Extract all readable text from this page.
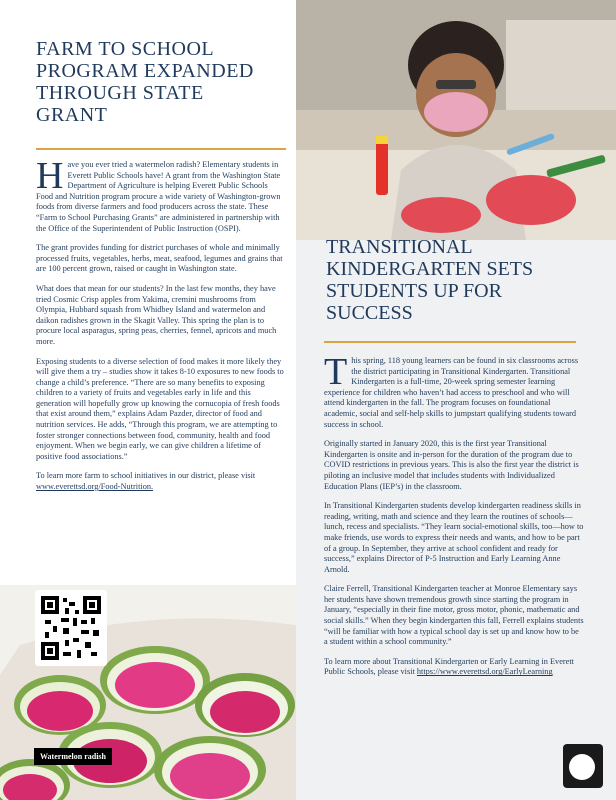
FARM TO SCHOOL
PROGRAM EXPANDED
THROUGH STATE
GRANT

H ave you ever tried a watermelon radish? Elementary students in Everett Public Schools have! A grant from the Washington State Department of Agriculture is helping Everett Public Schools Food and Nutrition program procure a wide variety of Washington-grown foods from diverse farmers and food producers across the state. These “Farm to School Purchasing Grants” are administered in partnership with the Office of the Superintendent of Public Instruction (OSPI).

The grant provides funding for district purchases of whole and minimally processed fruits, vegetables, herbs, meat, seafood, legumes and grains that are 100 percent grown, raised or caught in Washington state.

What does that mean for our students? In the last few months, they have tried Cosmic Crisp apples from Yakima, cremini mushrooms from Olympia, Hubbard squash from Whidbey Island and watermelon and daikon radishes grown in the Skagit Valley. This spring the plan is to procure local asparagus, spring peas, cherries, fennel, apricots and much more.

Exposing students to a diverse selection of food makes it more likely they will give them a try – studies show it takes 8-10 exposures to new foods to change a child’s preference. “There are so many benefits to exposing children to a variety of fruits and vegetables early in life and this generation will hopefully grow up knowing the cornucopia of fresh foods that exist around them,” explains Adam Pazder, director of food and nutrition services. He adds, “Through this program, we are attempting to foster stronger connections between food, community, health and food enjoyment. When we begin early, we can give children a lifetime of positive food associations.”

To learn more farm to school initiatives in our district, please visit www.everettsd.org/Food-Nutrition.

Watermelon radish
TRANSITIONAL
KINDERGARTEN SETS
STUDENTS UP FOR
SUCCESS

T his spring, 118 young learners can be found in six classrooms across the district participating in Transitional Kindergarten. Transitional Kindergarten is a full-time, 20-week spring semester learning experience for children who haven’t had access to preschool and who will attend kindergarten in the fall. The program focuses on foundational academic, social and self-help skills to jumpstart qualifying students toward success in school.

Originally started in January 2020, this is the first year Transitional Kindergarten is onsite and in-person for the duration of the program due to COVID restrictions in previous years. This is also the first year the district is piloting an inclusive model that includes students with Individualized Education Plans (IEP’s) in the classroom.

In Transitional Kindergarten students develop kindergarten readiness skills in reading, writing, math and science and they learn the routines of schools—lunch, recess and specialists. “They learn social-emotional skills, too—how to make friends, use words to express their needs and wants, and how to be part of a group. In September, they arrive at school confident and ready for success,” explains Director of P-5 Instruction and Early Learning Anne Arnold.

Claire Ferrell, Transitional Kindergarten teacher at Monroe Elementary says her students have shown tremendous growth since starting the program in January, “especially in their fine motor, gross motor, phonic, mathematic and social skills.” When they begin kindergarten this fall, Ferrell explains students “will be familiar with how a typical school day is set up and know how to be a student within a school community.”

To learn more about Transitional Kindergarten or Early Learning in Everett Public Schools, please visit https://www.everettsd.org/EarlyLearning
